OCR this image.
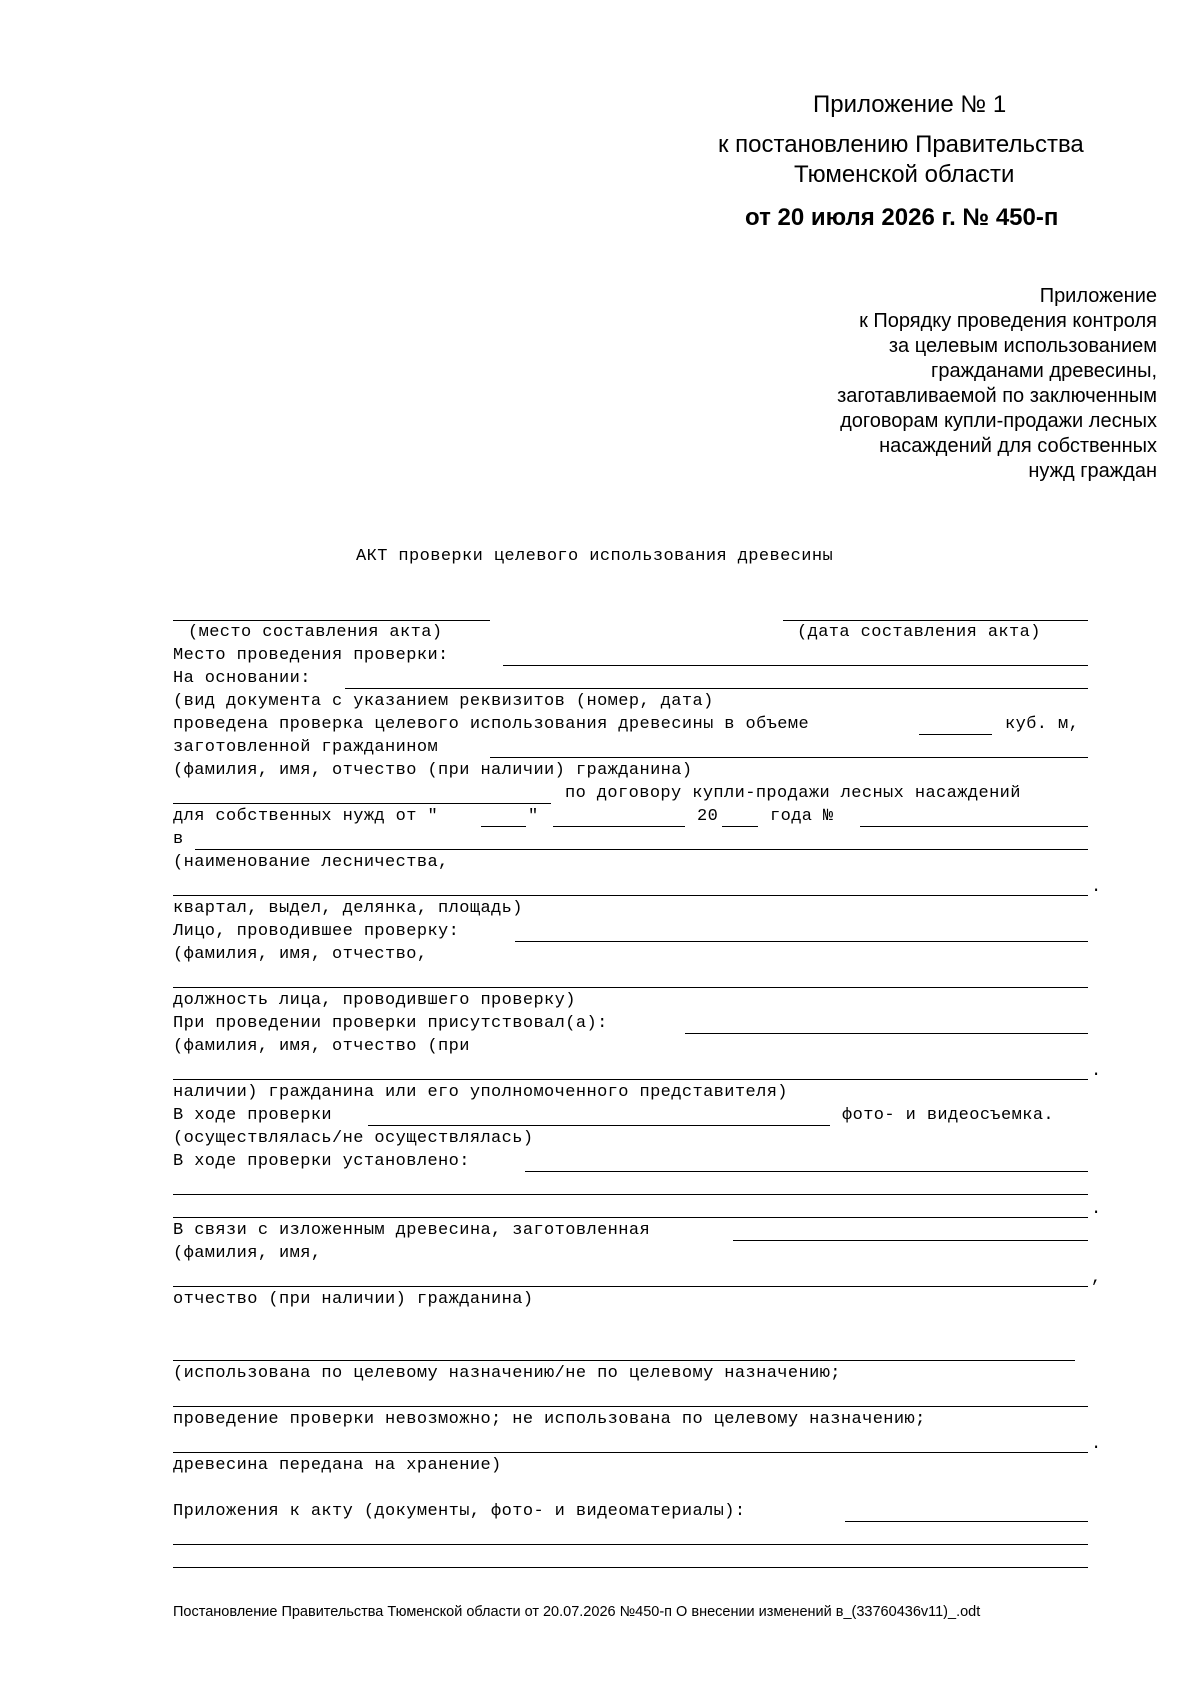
Приложение № 1
к постановлению Правительства
Тюменской области
от 20 июля 2026 г. № 450-п
Приложение
к Порядку проведения контроля
за целевым использованием
гражданами древесины,
заготавливаемой по заключенным
договорам купли-продажи лесных
насаждений для собственных
нужд граждан
АКТ проверки целевого использования древесины
(место составления акта)	(дата составления акта)
Место проведения проверки:
На основании:
(вид документа с указанием реквизитов (номер, дата)
проведена проверка целевого использования древесины в объеме	куб. м,
заготовленной гражданином
(фамилия, имя, отчество (при наличии) гражданина)
по договору купли-продажи лесных насаждений
для собственных нужд от "	"	20	года №
в
(наименование лесничества,
.
квартал, выдел, делянка, площадь)
Лицо, проводившее проверку:
(фамилия, имя, отчество,
должность лица, проводившего проверку)
При проведении проверки присутствовал(а):
(фамилия, имя, отчество (при
.
наличии) гражданина или его уполномоченного представителя)
В ходе проверки	фото- и видеосъемка.
(осуществлялась/не осуществлялась)
В ходе проверки установлено:
.
В связи с изложенным древесина, заготовленная
(фамилия, имя,
,
отчество (при наличии) гражданина)
(использована по целевому назначению/не по целевому назначению;
проведение проверки невозможно; не использована по целевому назначению;
.
древесина передана на хранение)
Приложения к акту (документы, фото- и видеоматериалы):
Постановление Правительства Тюменской области от 20.07.2026 №450-п О внесении изменений в_(33760436v11)_.odt
